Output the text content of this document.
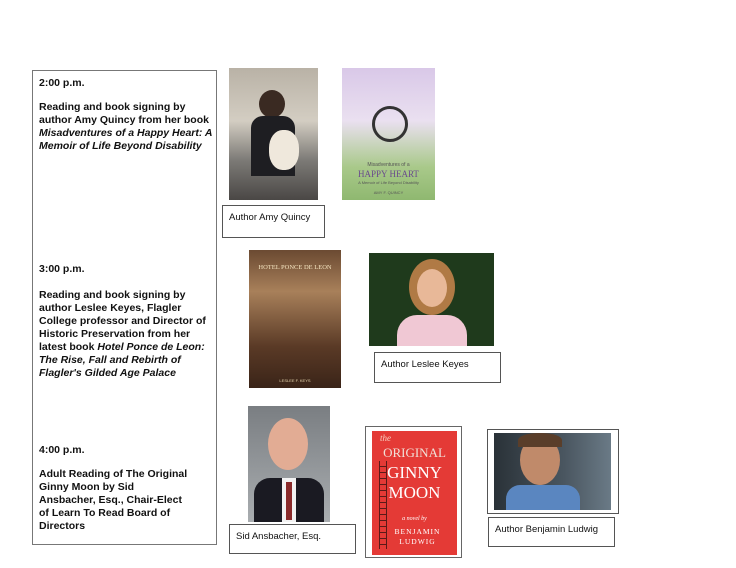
2:00 p.m.
Reading and book signing by author Amy Quincy from her book Misadventures of a Happy Heart: A Memoir of Life Beyond Disability
3:00 p.m.
Reading and book signing by author Leslee Keyes, Flagler College professor and Director of Historic Preservation from her latest book Hotel Ponce de Leon: The Rise, Fall and Rebirth of Flagler's Gilded Age Palace
4:00 p.m.
Adult Reading of The Original Ginny Moon by Sid Ansbacher, Esq., Chair-Elect of Learn To Read Board of Directors
Misadventures of a
HAPPY HEART
A Memoir of Life Beyond Disability
AMY F. QUINCY
Author Amy Quincy
HOTEL PONCE DE LEON
LESLEE F. KEYS
Author Leslee Keyes
Sid Ansbacher, Esq.
the
ORIGINAL
GINNY
MOON
a novel by
BENJAMIN
LUDWIG
Author Benjamin Ludwig
